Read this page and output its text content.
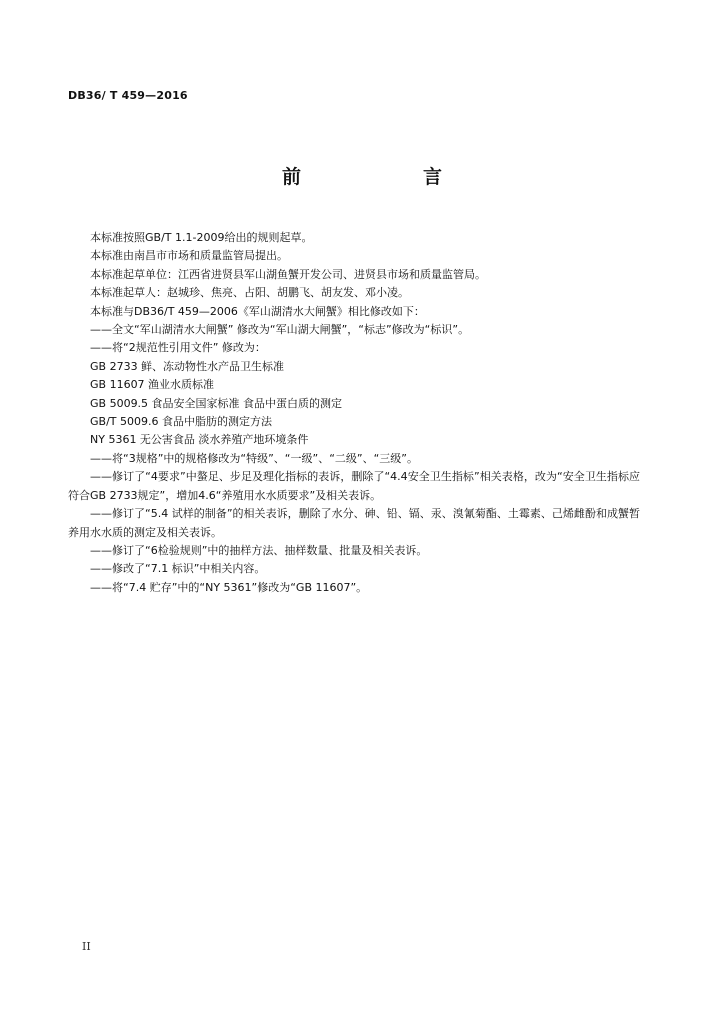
DB36/ T 459—2016
前　　言
本标准按照GB/T 1.1-2009给出的规则起草。
本标准由南昌市市场和质量监管局提出。
本标准起草单位：江西省进贤县军山湖鱼蟹开发公司、进贤县市场和质量监管局。
本标准起草人：赵城珍、焦亮、占阳、胡鹏飞、胡友发、邓小凌。
本标准与DB36/T 459—2006《军山湖清水大闸蟹》相比修改如下：
——全文“军山湖清水大闸蟹” 修改为“军山湖大闸蟹”，“标志”修改为“标识”。
——将“2规范性引用文件” 修改为：
GB 2733 鲜、冻动物性水产品卫生标准
GB 11607 渔业水质标准
GB 5009.5 食品安全国家标准 食品中蛋白质的测定
GB/T 5009.6 食品中脂肪的测定方法
NY 5361 无公害食品 淡水养殖产地环境条件
——将“3规格”中的规格修改为“特级”、“一级”、“二级”、“三级”。
——修订了“4要求”中螯足、步足及理化指标的表诉，删除了“4.4安全卫生指标”相关表格，改为“安全卫生指标应符合GB 2733规定”，增加4.6“养殖用水水质要求”及相关表诉。
——修订了“5.4 试样的制备”的相关表诉，删除了水分、砷、铅、镉、汞、溴氰菊酯、土霉素、己烯雌酚和成蟹暂养用水水质的测定及相关表诉。
——修订了“6检验规则”中的抽样方法、抽样数量、批量及相关表诉。
——修改了“7.1 标识”中相关内容。
——将“7.4 贮存”中的“NY 5361”修改为“GB 11607”。
II
